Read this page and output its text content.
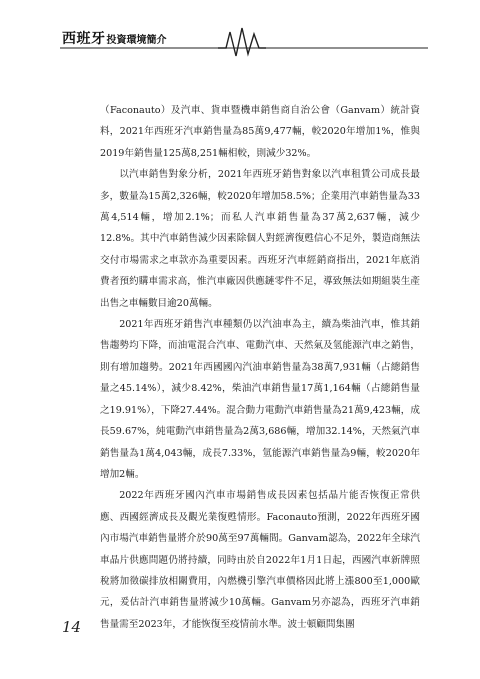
西班牙投資環境簡介

（Faconauto）及汽車、貨車暨機車銷售商自治公會（Ganvam）統計資料，2021年西班牙汽車銷售量為85萬9,477輛，較2020年增加1%，惟與2019年銷售量125萬8,251輛相較，則減少32%。

以汽車銷售對象分析，2021年西班牙銷售對象以汽車租賃公司成長最多，數量為15萬2,326輛，較2020年增加58.5%；企業用汽車銷售量為33萬4,514輛，增加2.1%；而私人汽車銷售量為37萬2,637輛，減少12.8%。其中汽車銷售減少因素除個人對經濟復甦信心不足外，製造商無法交付市場需求之車款亦為重要因素。西班牙汽車經銷商指出，2021年底消費者預約購車需求高，惟汽車廠因供應鏈零件不足，導致無法如期組裝生產出售之車輛數目逾20萬輛。

2021年西班牙銷售汽車種類仍以汽油車為主，續為柴油汽車，惟其銷售趨勢均下降，而油電混合汽車、電動汽車、天然氣及氫能源汽車之銷售，則有增加趨勢。2021年西國國內汽油車銷售量為38萬7,931輛（占總銷售量之45.14%），減少8.42%，柴油汽車銷售量17萬1,164輛（占總銷售量之19.91%），下降27.44%。混合動力電動汽車銷售量為21萬9,423輛，成長59.67%，純電動汽車銷售量為2萬3,686輛，增加32.14%，天然氣汽車銷售量為1萬4,043輛，成長7.33%，氫能源汽車銷售量為9輛，較2020年增加2輛。

2022年西班牙國內汽車市場銷售成長因素包括晶片能否恢復正常供應、西國經濟成長及觀光業復甦情形。Faconauto預測，2022年西班牙國內市場汽車銷售量將介於90萬至97萬輛間。Ganvam認為，2022年全球汽車晶片供應問題仍將持續，同時由於自2022年1月1日起，西國汽車新牌照稅將加徵碳排放相關費用，內燃機引擎汽車價格因此將上漲800至1,000歐元，爰估計汽車銷售量將減少10萬輛。Ganvam另亦認為，西班牙汽車銷售量需至2023年，才能恢復至疫情前水準。波士頓顧問集團

14
